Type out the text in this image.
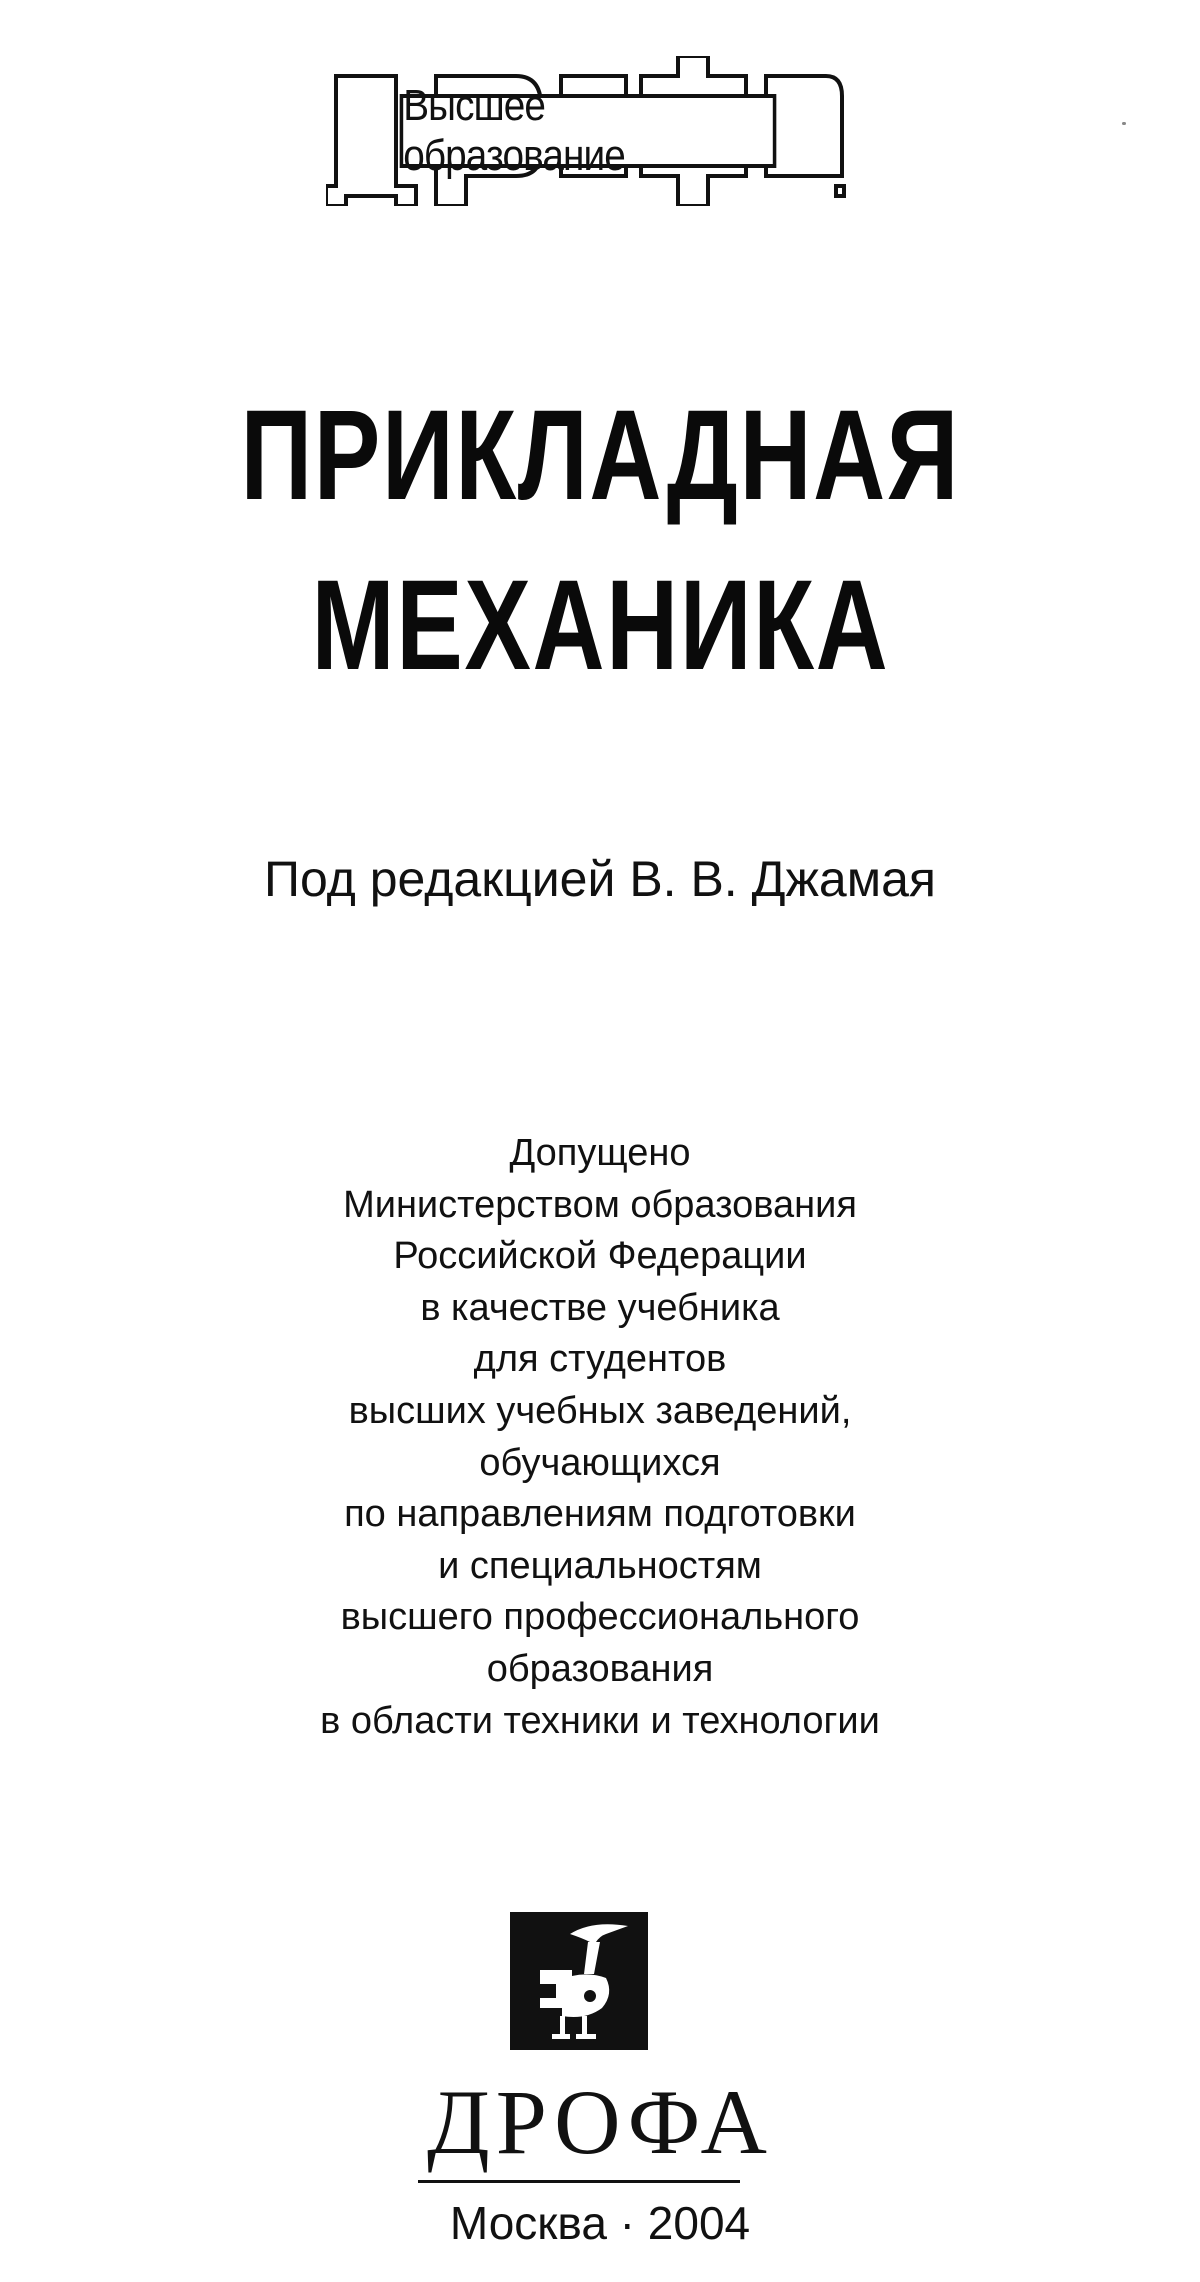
Высшее образование
ПРИКЛАДНАЯ
МЕХАНИКА
Под редакцией В. В. Джамая
Допущено
Министерством образования
Российской Федерации
в качестве учебника
для студентов
высших учебных заведений,
обучающихся
по направлениям подготовки
и специальностям
высшего профессионального
образования
в области техники и технологии
ДРОФА
Москва · 2004
